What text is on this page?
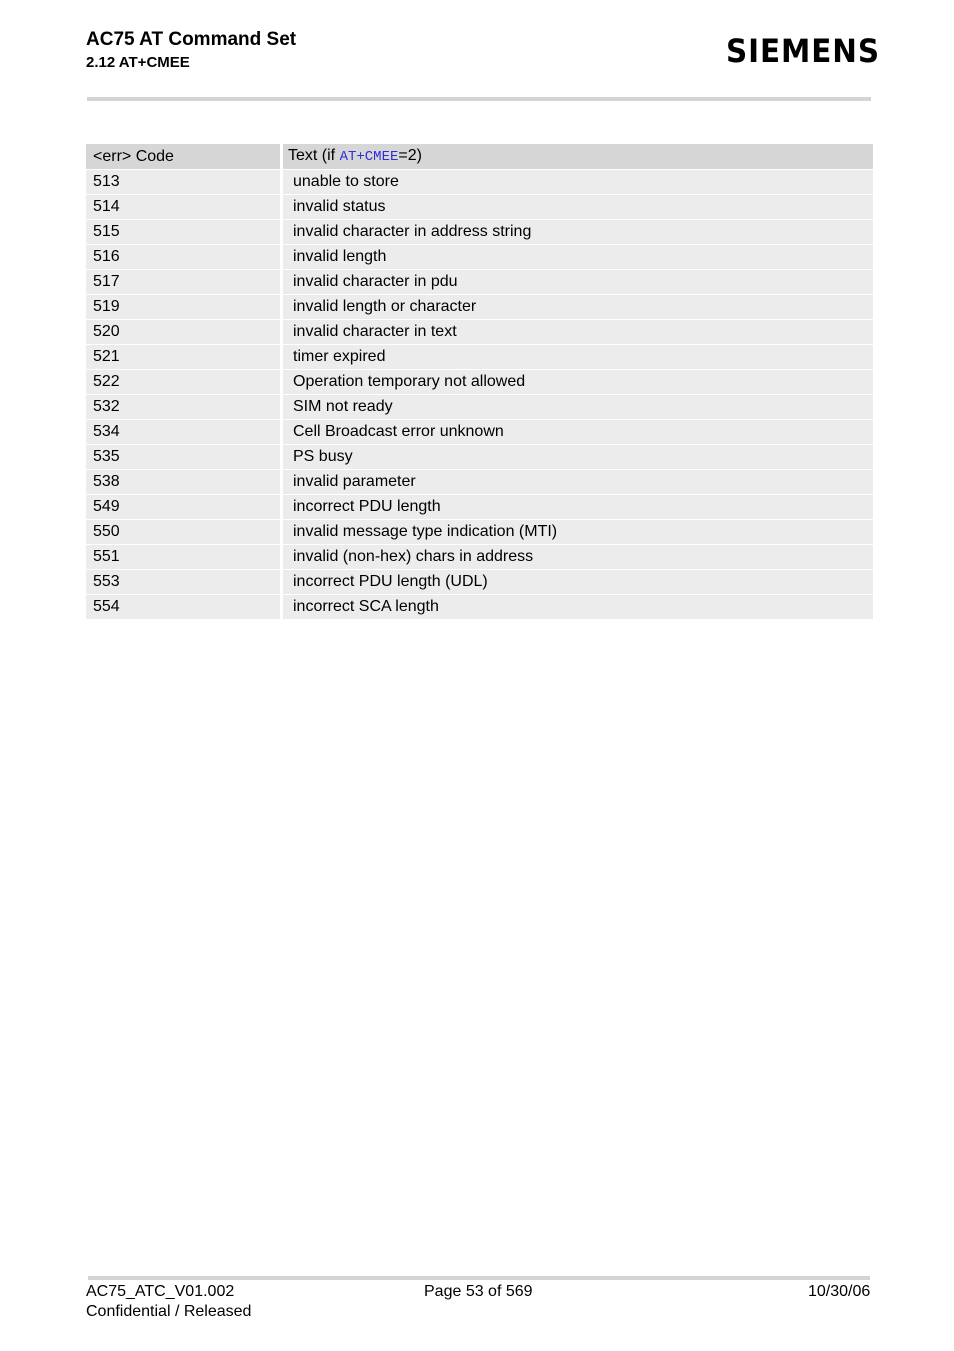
AC75 AT Command Set
2.12 AT+CMEE	SIEMENS
<err> Code	Text (if AT+CMEE=2)
513	unable to store
514	invalid status
515	invalid character in address string
516	invalid length
517	invalid character in pdu
519	invalid length or character
520	invalid character in text
521	timer expired
522	Operation temporary not allowed
532	SIM not ready
534	Cell Broadcast error unknown
535	PS busy
538	invalid parameter
549	incorrect PDU length
550	invalid message type indication (MTI)
551	invalid (non-hex) chars in address
553	incorrect PDU length (UDL)
554	incorrect SCA length
AC75_ATC_V01.002
Confidential / Released
Page 53 of 569	10/30/06
